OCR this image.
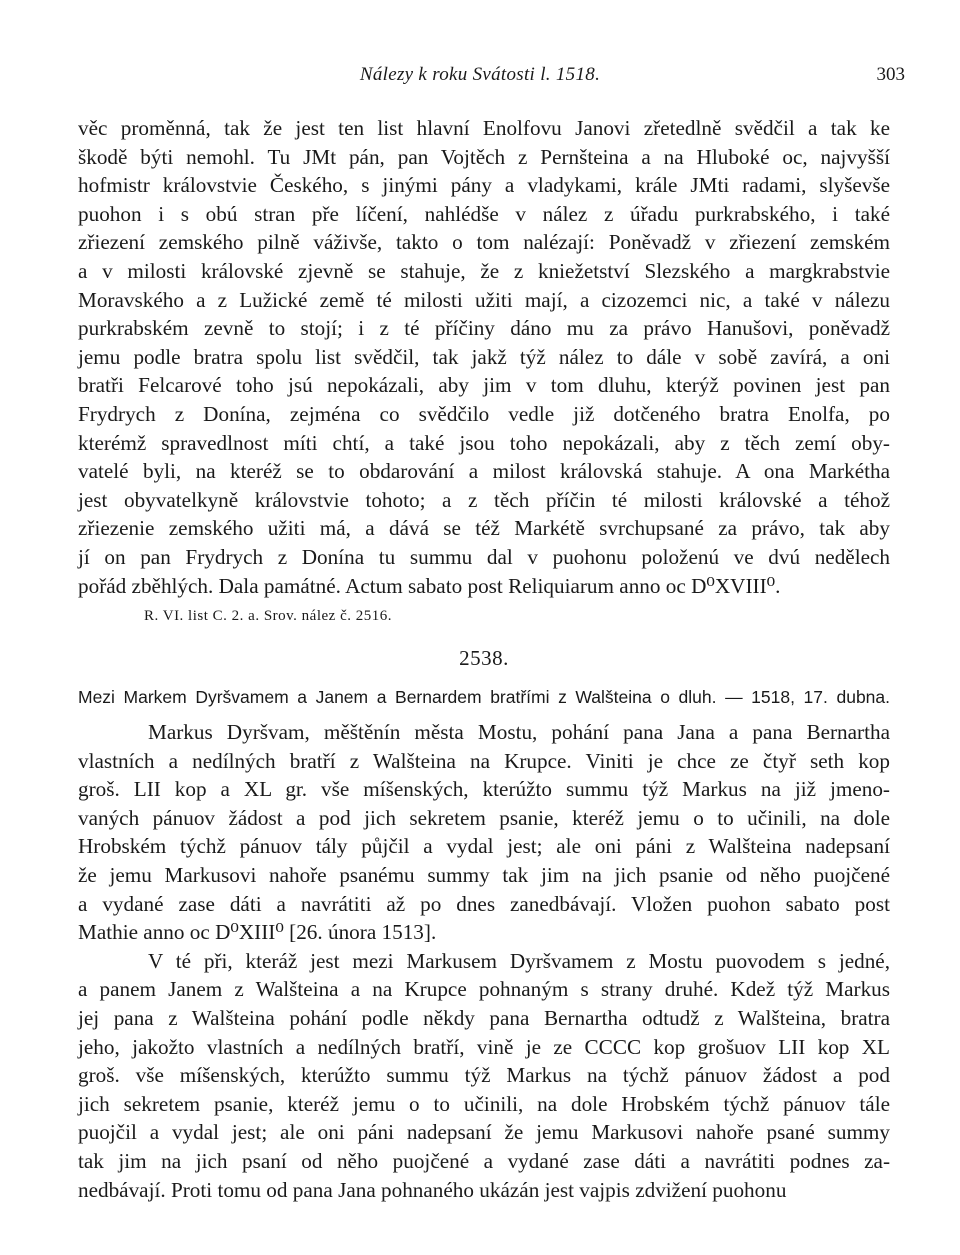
Nálezy k roku Svátosti l. 1518.	303

věc proměnná, tak že jest ten list hlavní Enolfovu Janovi zřetedlně svědčil a tak ke
škodě býti nemohl. Tu JMt pán, pan Vojtěch z Pernšteina a na Hluboké oc, najvyšší
hofmistr královstvie Českého, s jinými pány a vladykami, krále JMti radami, slyševše
puohon i s obú stran pře líčení, nahlédše v nález z úřadu purkrabského, i také
zřiezení zemského pilně váživše, takto o tom nalézají: Poněvadž v zřiezení zemském
a v milosti královské zjevně se stahuje, že z kniežetství Slezského a margkrabstvie
Moravského a z Lužické země té milosti užiti mají, a cizozemci nic, a také v nálezu
purkrabském zevně to stojí; i z té příčiny dáno mu za právo Hanušovi, poněvadž
jemu podle bratra spolu list svědčil, tak jakž týž nález to dále v sobě zavírá, a oni
bratři Felcarové toho jsú nepokázali, aby jim v tom dluhu, kterýž povinen jest pan
Frydrych z Donína, zejména co svědčilo vedle již dotčeného bratra Enolfa, po
kterémž spravedlnost míti chtí, a také jsou toho nepokázali, aby z těch zemí oby-
vatelé byli, na kteréž se to obdarování a milost královská stahuje. A ona Markétha
jest obyvatelkyně královstvie tohoto; a z těch příčin té milosti královské a téhož
zřiezenie zemského užiti má, a dává se též Markétě svrchupsané za právo, tak aby
jí on pan Frydrych z Donína tu summu dal v puohonu položenú ve dvú nedělech
pořád zběhlých. Dala památné. Actum sabato post Reliquiarum anno oc D⁰XVIII⁰.

R. VI. list C. 2. a. Srov. nález č. 2516.
2538.
Mezi Markem Dyršvamem a Janem a Bernardem bratřími z Walšteina o dluh. — 1518, 17. dubna.

Markus Dyršvam, měštěnín města Mostu, pohání pana Jana a pana Bernartha
vlastních a nedílných bratří z Walšteina na Krupce. Viniti je chce ze čtyř seth kop
groš. LII kop a XL gr. vše míšenských, kterúžto summu týž Markus na již jmeno-
vaných pánuov žádost a pod jich sekretem psanie, kteréž jemu o to učinili, na dole
Hrobském týchž pánuov tály půjčil a vydal jest; ale oni páni z Walšteina nadepsaní
že jemu Markusovi nahoře psanému summy tak jim na jich psanie od něho puojčené
a vydané zase dáti a navrátiti až po dnes zanedbávají. Vložen puohon sabato post
Mathie anno oc D⁰XIII⁰ [26. února 1513].

V té při, kteráž jest mezi Markusem Dyršvamem z Mostu puovodem s jedné,
a panem Janem z Walšteina a na Krupce pohnaným s strany druhé. Kdež týž Markus
jej pana z Walšteina pohání podle někdy pana Bernartha odtudž z Walšteina, bratra
jeho, jakožto vlastních a nedílných bratří, vině je ze CCCC kop grošuov LII kop XL
groš. vše míšenských, kterúžto summu týž Markus na týchž pánuov žádost a pod
jich sekretem psanie, kteréž jemu o to učinili, na dole Hrobském týchž pánuov tále
puojčil a vydal jest; ale oni páni nadepsaní že jemu Markusovi nahoře psané summy
tak jim na jich psaní od něho puojčené a vydané zase dáti a navrátiti podnes za-
nedbávají. Proti tomu od pana Jana pohnaného ukázán jest vajpis zdvižení puohonu
